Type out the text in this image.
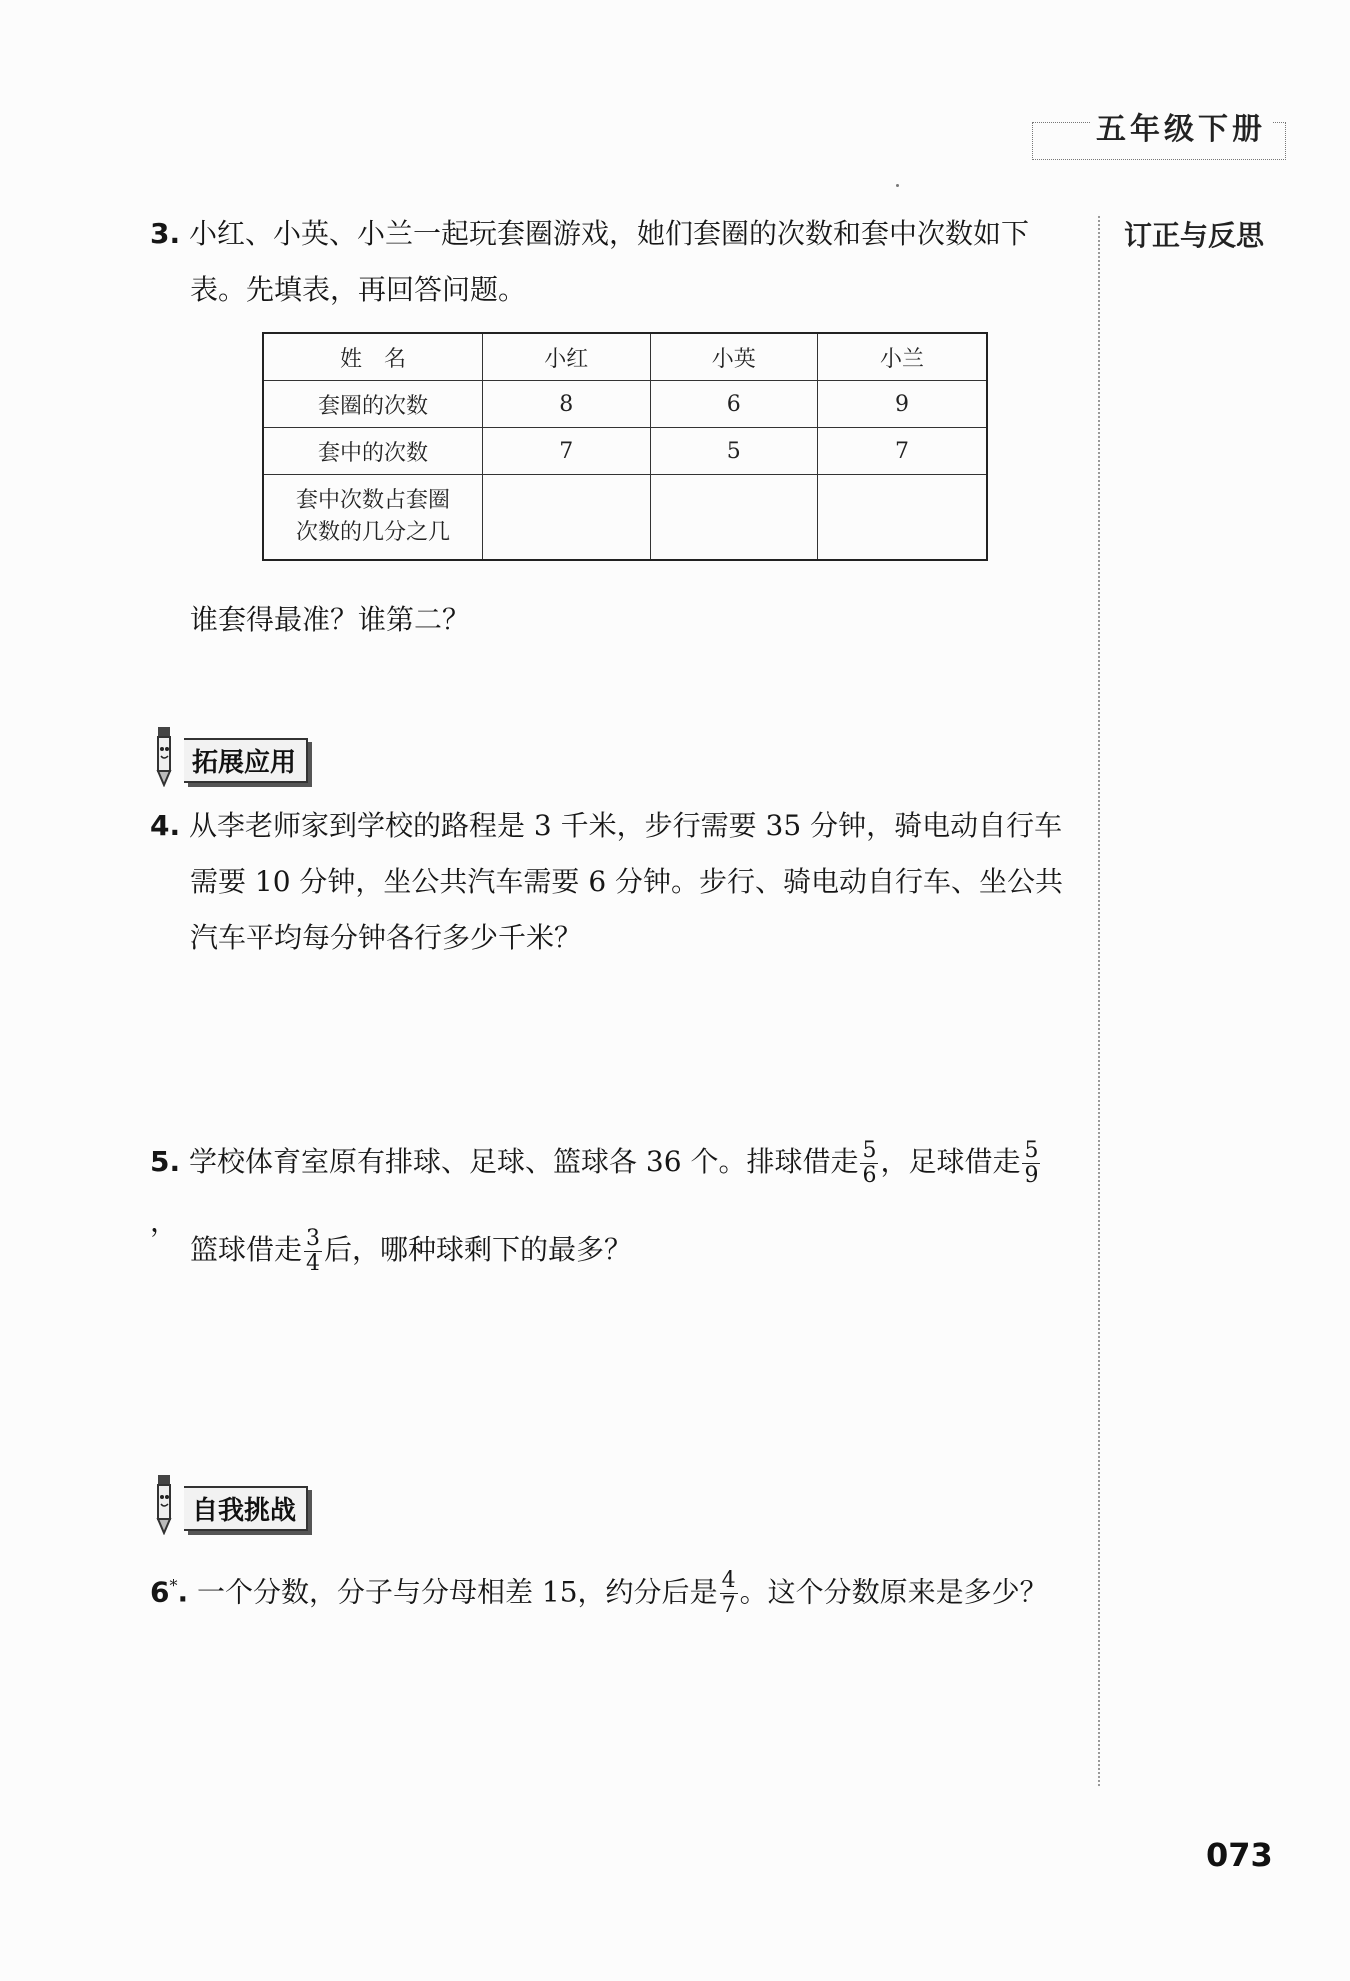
五年级下册
订正与反思
3. 小红、小英、小兰一起玩套圈游戏，她们套圈的次数和套中次数如下
表。先填表，再回答问题。
姓　名	小红	小英	小兰
套圈的次数	8	6	9
套中的次数	7	5	7
套中次数占套圈
次数的几分之几			
谁套得最准？谁第二？
拓展应用
4. 从李老师家到学校的路程是 3 千米，步行需要 35 分钟，骑电动自行车
需要 10 分钟，坐公共汽车需要 6 分钟。步行、骑电动自行车、坐公共
汽车平均每分钟各行多少千米？
5. 学校体育室原有排球、足球、篮球各 36 个。排球借走 $\frac{5}{6}$ ，足球借走 $\frac{5}{9}$
，
篮球借走 $\frac{3}{4}$ 后，哪种球剩下的最多？
自我挑战
6*. 一个分数，分子与分母相差 15，约分后是 $\frac{4}{7}$ 。这个分数原来是多少？
073
